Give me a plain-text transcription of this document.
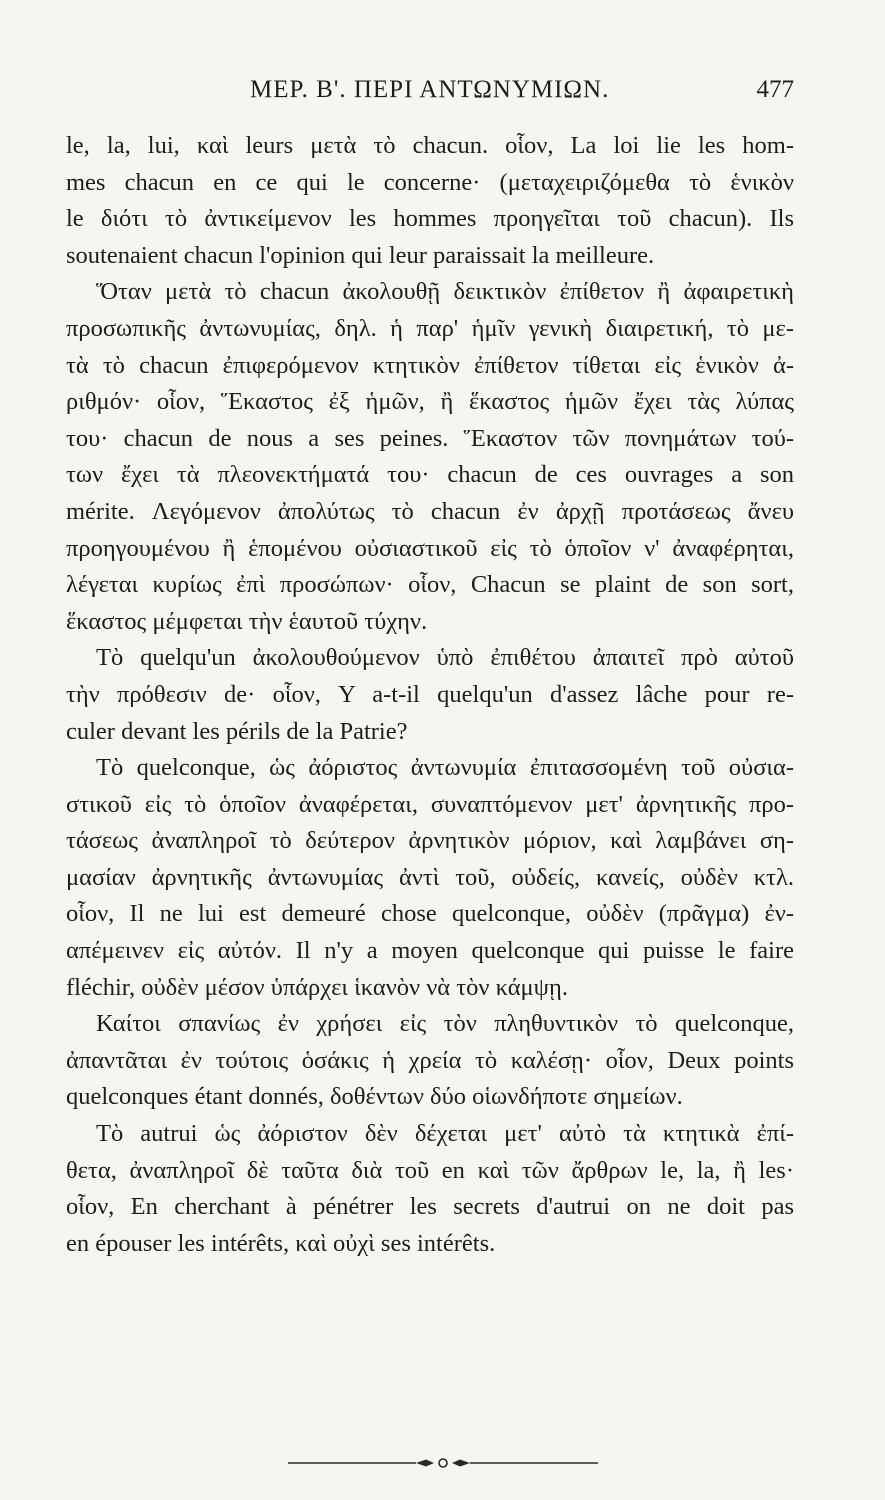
ΜΕΡ. Β'. ΠΕΡΙ ΑΝΤΩΝΥΜΙΩΝ.	477
le, la, lui, καὶ leurs μετὰ τὸ chacun. οἷον, La loi lie les hom-
mes chacun en ce qui le concerne· (μεταχειριζόμεθα τὸ ἑνικὸν
le διότι τὸ ἀντικείμενον les hommes προηγεῖται τοῦ chacun). Ils
soutenaient chacun l'opinion qui leur paraissait la meilleure.
Ὅταν μετὰ τὸ chacun ἀκολουθῇ δεικτικὸν ἐπίθετον ἢ ἀφαιρετικὴ
προσωπικῆς ἀντωνυμίας, δηλ. ἡ παρ' ἡμῖν γενικὴ διαιρετική, τὸ με-
τὰ τὸ chacun ἐπιφερόμενον κτητικὸν ἐπίθετον τίθεται εἰς ἑνικὸν ἀ-
ριθμόν· οἷον, Ἕκαστος ἐξ ἡμῶν, ἢ ἕκαστος ἡμῶν ἔχει τὰς λύπας
του· chacun de nous a ses peines. Ἕκαστον τῶν πονημάτων τού-
των ἔχει τὰ πλεονεκτήματά του· chacun de ces ouvrages a son
mérite. Λεγόμενον ἀπολύτως τὸ chacun ἐν ἀρχῇ προτάσεως ἄνευ
προηγουμένου ἢ ἑπομένου οὐσιαστικοῦ εἰς τὸ ὁποῖον ν' ἀναφέρηται,
λέγεται κυρίως ἐπὶ προσώπων· οἷον, Chacun se plaint de son sort,
ἕκαστος μέμφεται τὴν ἑαυτοῦ τύχην.
Τὸ quelqu'un ἀκολουθούμενον ὑπὸ ἐπιθέτου ἀπαιτεῖ πρὸ αὐτοῦ
τὴν πρόθεσιν de· οἷον, Y a-t-il quelqu'un d'assez lâche pour re-
culer devant les périls de la Patrie?
Τὸ quelconque, ὡς ἀόριστος ἀντωνυμία ἐπιτασσομένη τοῦ οὐσια-
στικοῦ εἰς τὸ ὁποῖον ἀναφέρεται, συναπτόμενον μετ' ἀρνητικῆς προ-
τάσεως ἀναπληροῖ τὸ δεύτερον ἀρνητικὸν μόριον, καὶ λαμβάνει ση-
μασίαν ἀρνητικῆς ἀντωνυμίας ἀντὶ τοῦ, οὐδείς, κανείς, οὐδὲν κτλ.
οἷον, Il ne lui est demeuré chose quelconque, οὐδὲν (πρᾶγμα) ἐν-
απέμεινεν εἰς αὐτόν. Il n'y a moyen quelconque qui puisse le faire
fléchir, οὐδὲν μέσον ὑπάρχει ἱκανὸν νὰ τὸν κάμψῃ.
Καίτοι σπανίως ἐν χρήσει εἰς τὸν πληθυντικὸν τὸ quelconque,
ἀπαντᾶται ἐν τούτοις ὁσάκις ἡ χρεία τὸ καλέσῃ· οἷον, Deux points
quelconques étant donnés, δοθέντων δύο οἱωνδήποτε σημείων.
Τὸ autrui ὡς ἀόριστον δὲν δέχεται μετ' αὐτὸ τὰ κτητικὰ ἐπί-
θετα, ἀναπληροῖ δὲ ταῦτα διὰ τοῦ en καὶ τῶν ἄρθρων le, la, ἢ les·
οἷον, En cherchant à pénétrer les secrets d'autrui on ne doit pas
en épouser les intérêts, καὶ οὐχὶ ses intérêts.
